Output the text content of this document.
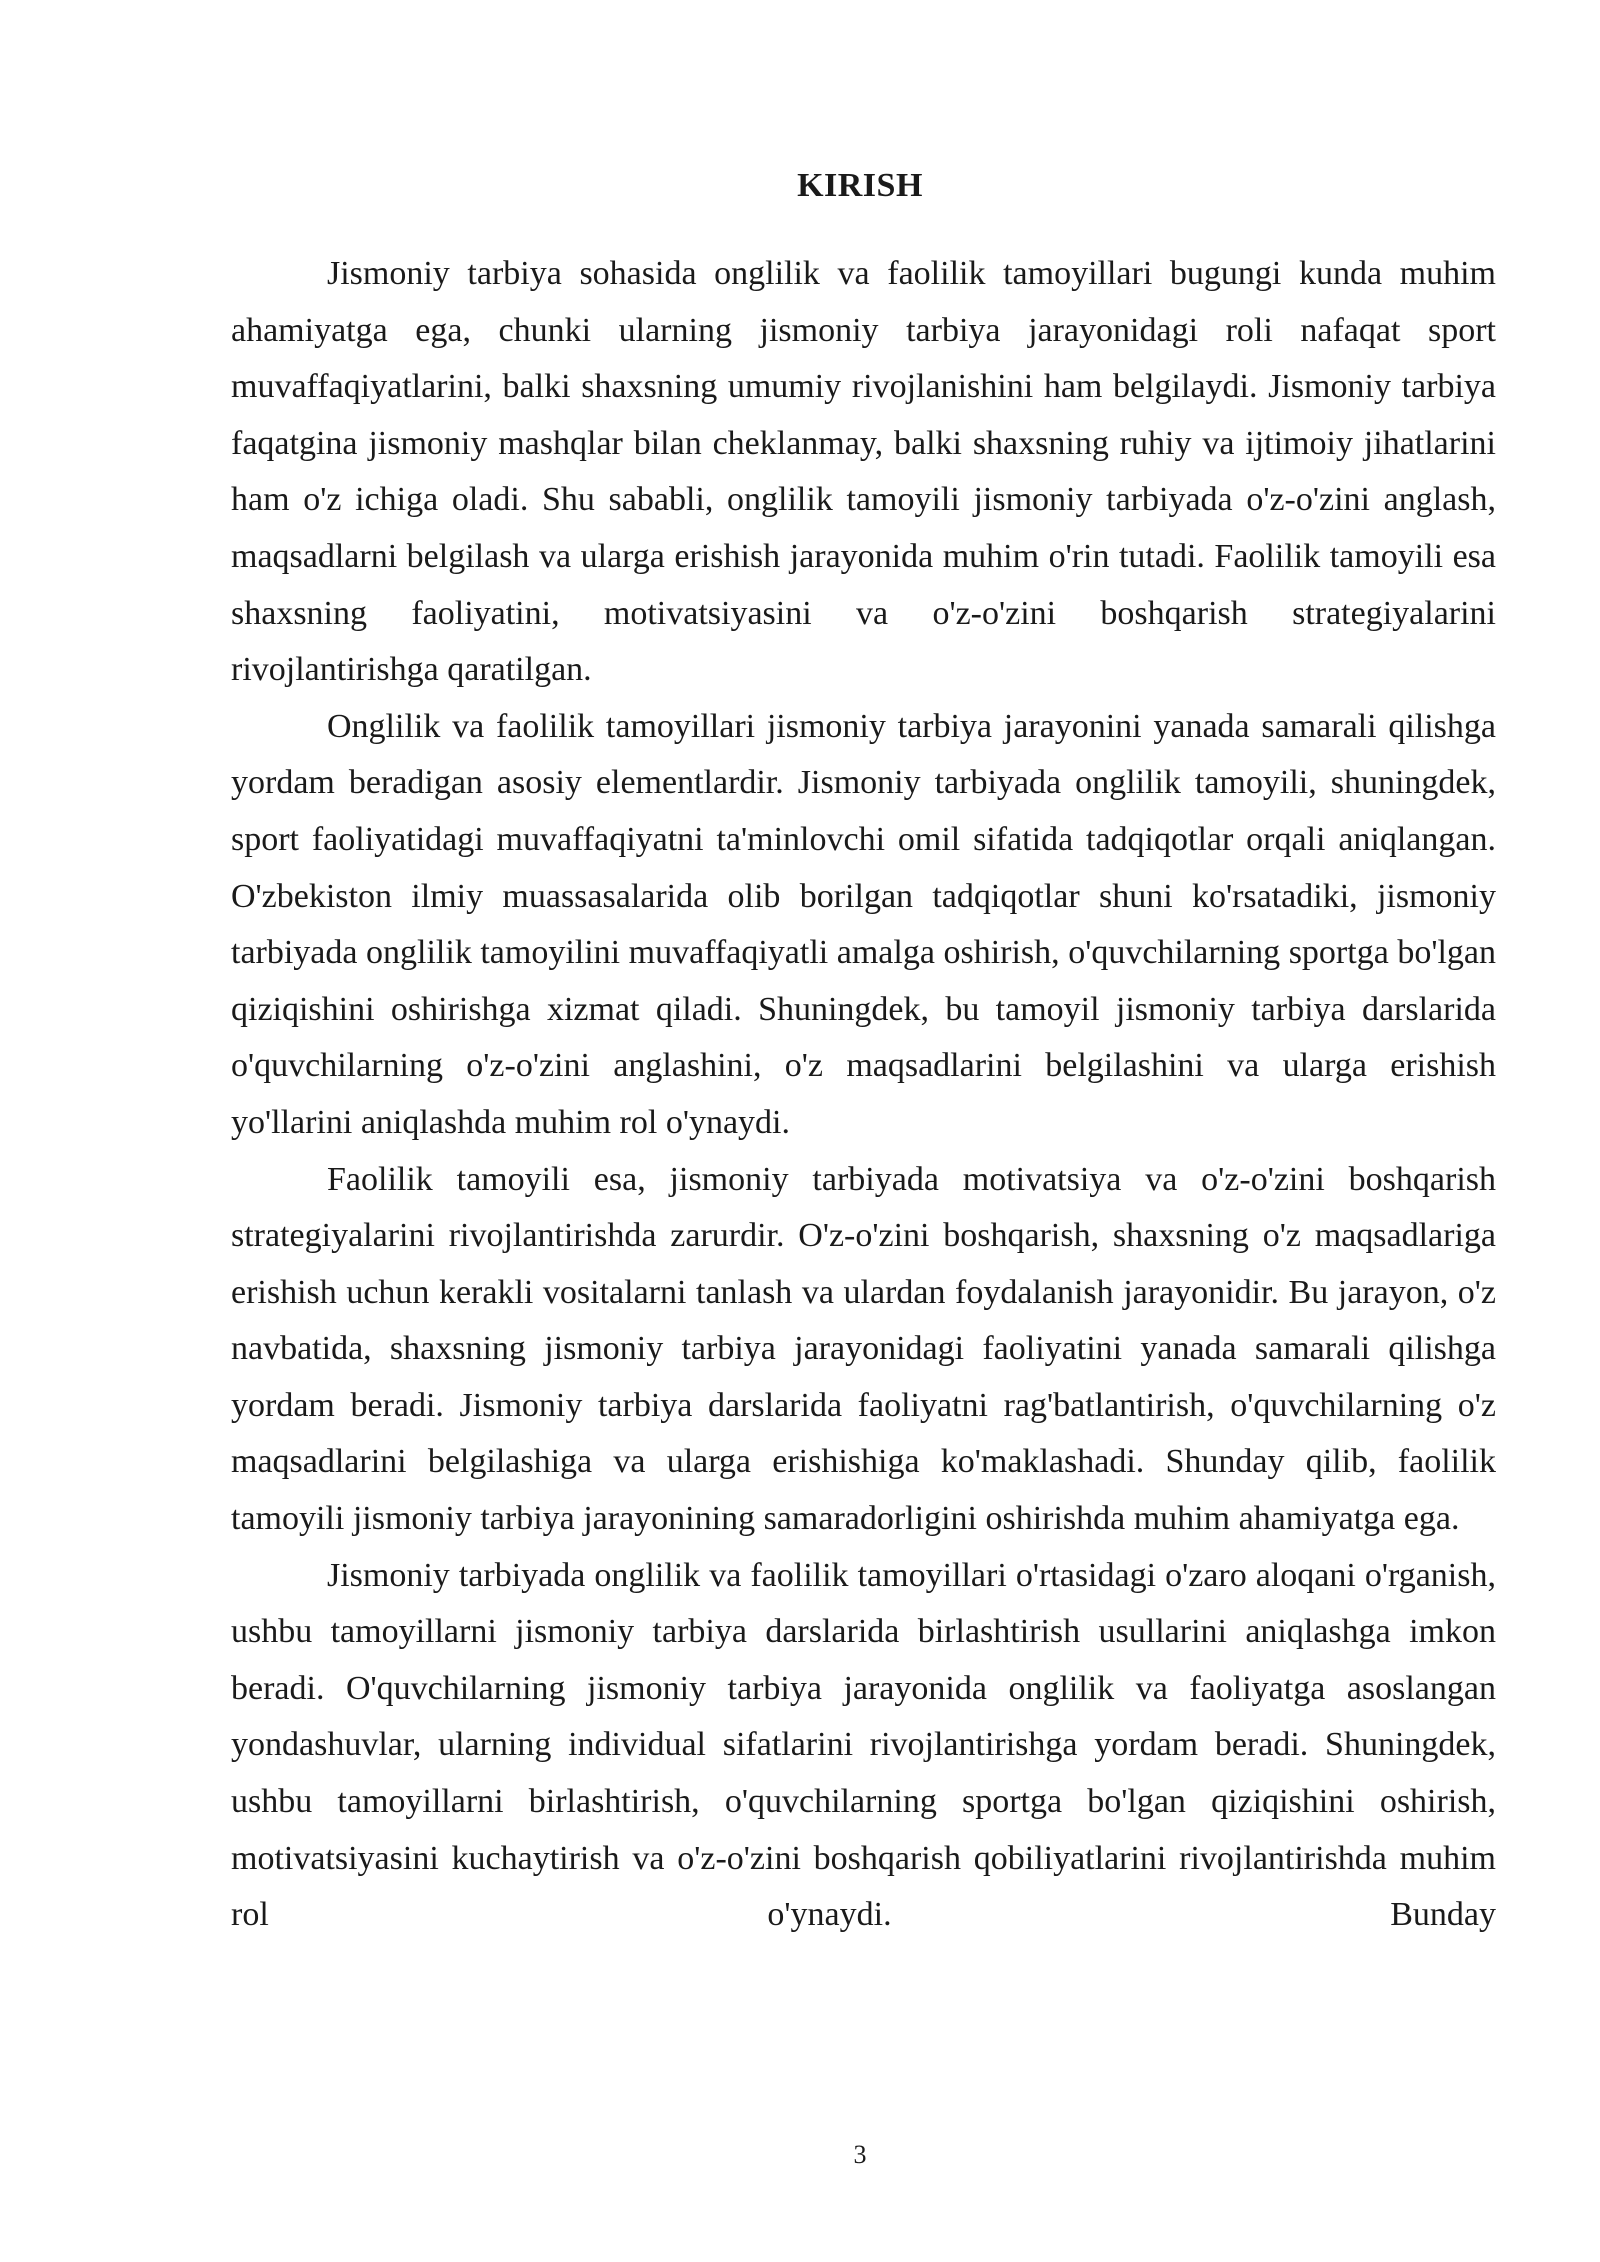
KIRISH

Jismoniy tarbiya sohasida onglilik va faolilik tamoyillari bugungi kunda muhim ahamiyatga ega, chunki ularning jismoniy tarbiya jarayonidagi roli nafaqat sport muvaffaqiyatlarini, balki shaxsning umumiy rivojlanishini ham belgilaydi. Jismoniy tarbiya faqatgina jismoniy mashqlar bilan cheklanmay, balki shaxsning ruhiy va ijtimoiy jihatlarini ham o'z ichiga oladi. Shu sababli, onglilik tamoyili jismoniy tarbiyada o'z-o'zini anglash, maqsadlarni belgilash va ularga erishish jarayonida muhim o'rin tutadi. Faolilik tamoyili esa shaxsning faoliyatini, motivatsiyasini va o'z-o'zini boshqarish strategiyalarini rivojlantirishga qaratilgan.

Onglilik va faolilik tamoyillari jismoniy tarbiya jarayonini yanada samarali qilishga yordam beradigan asosiy elementlardir. Jismoniy tarbiyada onglilik tamoyili, shuningdek, sport faoliyatidagi muvaffaqiyatni ta'minlovchi omil sifatida tadqiqotlar orqali aniqlangan. O'zbekiston ilmiy muassasalarida olib borilgan tadqiqotlar shuni ko'rsatadiki, jismoniy tarbiyada onglilik tamoyilini muvaffaqiyatli amalga oshirish, o'quvchilarning sportga bo'lgan qiziqishini oshirishga xizmat qiladi. Shuningdek, bu tamoyil jismoniy tarbiya darslarida o'quvchilarning o'z-o'zini anglashini, o'z maqsadlarini belgilashini va ularga erishish yo'llarini aniqlashda muhim rol o'ynaydi.

Faolilik tamoyili esa, jismoniy tarbiyada motivatsiya va o'z-o'zini boshqarish strategiyalarini rivojlantirishda zarurdir. O'z-o'zini boshqarish, shaxsning o'z maqsadlariga erishish uchun kerakli vositalarni tanlash va ulardan foydalanish jarayonidir. Bu jarayon, o'z navbatida, shaxsning jismoniy tarbiya jarayonidagi faoliyatini yanada samarali qilishga yordam beradi. Jismoniy tarbiya darslarida faoliyatni rag'batlantirish, o'quvchilarning o'z maqsadlarini belgilashiga va ularga erishishiga ko'maklashadi. Shunday qilib, faolilik tamoyili jismoniy tarbiya jarayonining samaradorligini oshirishda muhim ahamiyatga ega.

Jismoniy tarbiyada onglilik va faolilik tamoyillari o'rtasidagi o'zaro aloqani o'rganish, ushbu tamoyillarni jismoniy tarbiya darslarida birlashtirish usullarini aniqlashga imkon beradi. O'quvchilarning jismoniy tarbiya jarayonida onglilik va faoliyatga asoslangan yondashuvlar, ularning individual sifatlarini rivojlantirishga yordam beradi. Shuningdek, ushbu tamoyillarni birlashtirish, o'quvchilarning sportga bo'lgan qiziqishini oshirish, motivatsiyasini kuchaytirish va o'z-o'zini boshqarish qobiliyatlarini rivojlantirishda muhim rol o'ynaydi. Bunday

3
